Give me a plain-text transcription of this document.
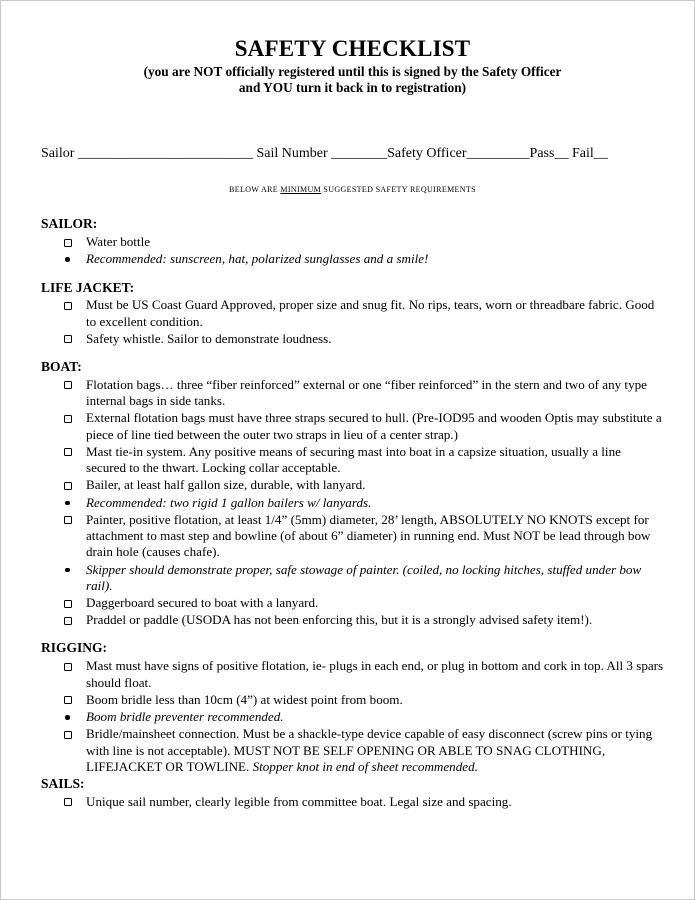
SAFETY CHECKLIST
(you are NOT officially registered until this is signed by the Safety Officer
and YOU turn it back in to registration)
Sailor _________________________ Sail Number ________Safety Officer_________Pass__ Fail__
BELOW ARE MINIMUM SUGGESTED SAFETY REQUIREMENTS
SAILOR:
Water bottle
Recommended: sunscreen, hat, polarized sunglasses and a smile!
LIFE JACKET:
Must be US Coast Guard Approved, proper size and snug fit. No rips, tears, worn or threadbare fabric. Good to excellent condition.
Safety whistle. Sailor to demonstrate loudness.
BOAT:
Flotation bags… three “fiber reinforced” external or one “fiber reinforced” in the stern and two of any type internal bags in side tanks.
External flotation bags must have three straps secured to hull. (Pre-IOD95 and wooden Optis may substitute a piece of line tied between the outer two straps in lieu of a center strap.)
Mast tie-in system. Any positive means of securing mast into boat in a capsize situation, usually a line secured to the thwart. Locking collar acceptable.
Bailer, at least half gallon size, durable, with lanyard.
Recommended: two rigid 1 gallon bailers w/ lanyards.
Painter, positive flotation, at least 1/4” (5mm) diameter, 28’ length, ABSOLUTELY NO KNOTS except for attachment to mast step and bowline (of about 6” diameter) in running end. Must NOT be lead through bow drain hole (causes chafe).
Skipper should demonstrate proper, safe stowage of painter. (coiled, no locking hitches, stuffed under bow rail).
Daggerboard secured to boat with a lanyard.
Praddel or paddle (USODA has not been enforcing this, but it is a strongly advised safety item!).
RIGGING:
Mast must have signs of positive flotation, ie- plugs in each end, or plug in bottom and cork in top. All 3 spars should float.
Boom bridle less than 10cm (4”) at widest point from boom.
Boom bridle preventer recommended.
Bridle/mainsheet connection. Must be a shackle-type device capable of easy disconnect (screw pins or tying with line is not acceptable). MUST NOT BE SELF OPENING OR ABLE TO SNAG CLOTHING, LIFEJACKET OR TOWLINE. Stopper knot in end of sheet recommended.
SAILS:
Unique sail number, clearly legible from committee boat. Legal size and spacing.
